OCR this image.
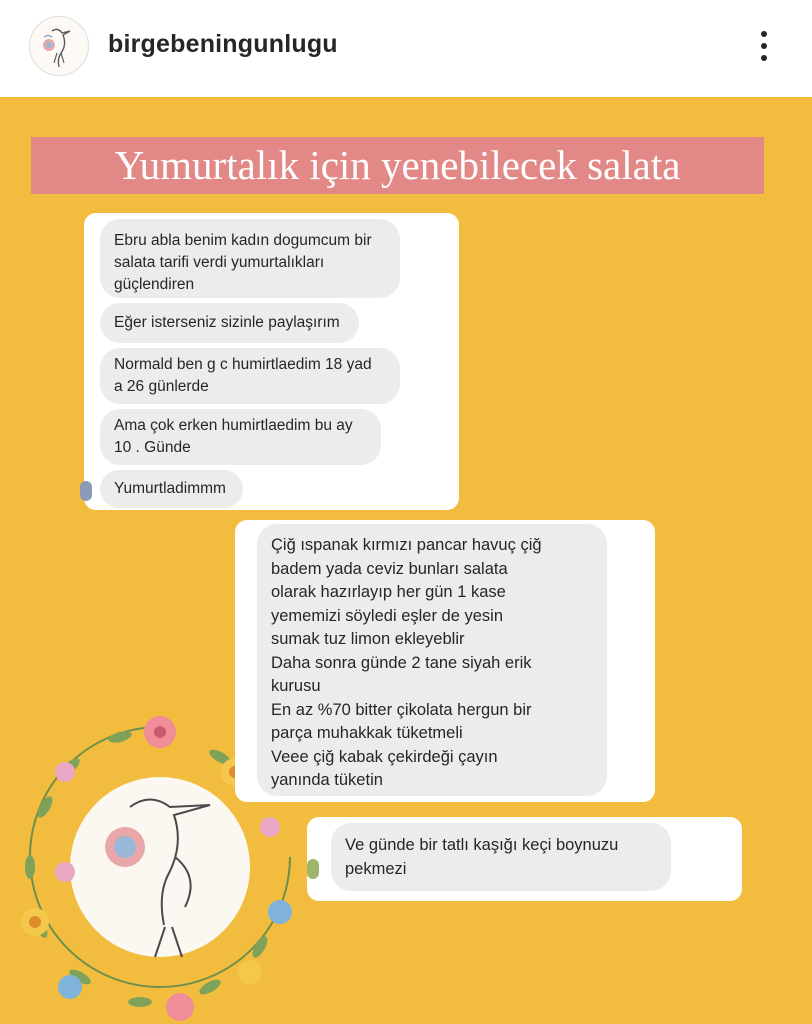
birgebeningunlugu
Yumurtalık için yenebilecek salata
Ebru abla benim kadın dogumcum bir
salata tarifi verdi yumurtalıkları
güçlendiren
Eğer isterseniz sizinle paylaşırım
Normald ben g c humirtlaedim 18 yad
a 26 günlerde
Ama çok erken humirtlaedim bu ay
10 . Günde
Yumurtladimmm
Çiğ ıspanak kırmızı pancar havuç çiğ
badem yada ceviz bunları salata
olarak hazırlayıp her gün 1 kase
yememizi söyledi eşler de yesin
sumak tuz limon ekleyeblir
Daha sonra günde 2 tane siyah erik
kurusu
En az %70 bitter çikolata hergun bir
parça muhakkak tüketmeli
Veee çiğ kabak çekirdeği çayın
yanında tüketin
Ve günde bir tatlı kaşığı keçi boynuzu
pekmezi
